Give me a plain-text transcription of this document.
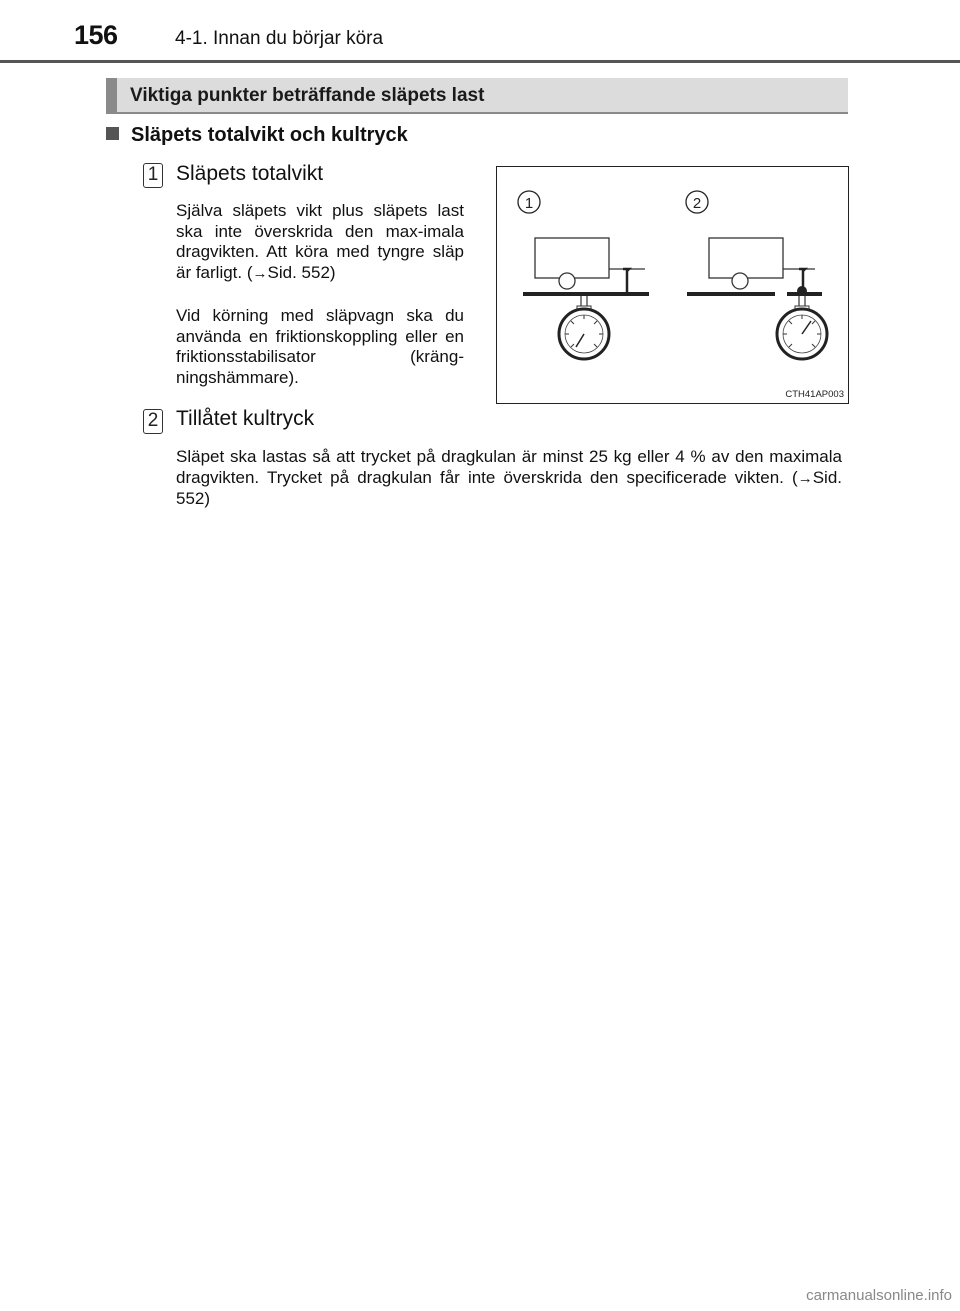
156	4-1. Innan du börjar köra
Viktiga punkter beträffande släpets last
Släpets totalvikt och kultryck
1 Släpets totalvikt
Själva släpets vikt plus släpets last ska inte överskrida den max-imala dragvikten. Att köra med tyngre släp är farligt. (→Sid. 552)
Vid körning med släpvagn ska du använda en friktionskoppling eller en friktionsstabilisator (kräng-ningshämmare).
2 Tillåtet kultryck
Släpet ska lastas så att trycket på dragkulan är minst 25 kg eller 4 % av den maximala dragvikten. Trycket på dragkulan får inte överskrida den specificerade vikten. (→Sid. 552)
1	2
CTH41AP003
carmanualsonline.info
